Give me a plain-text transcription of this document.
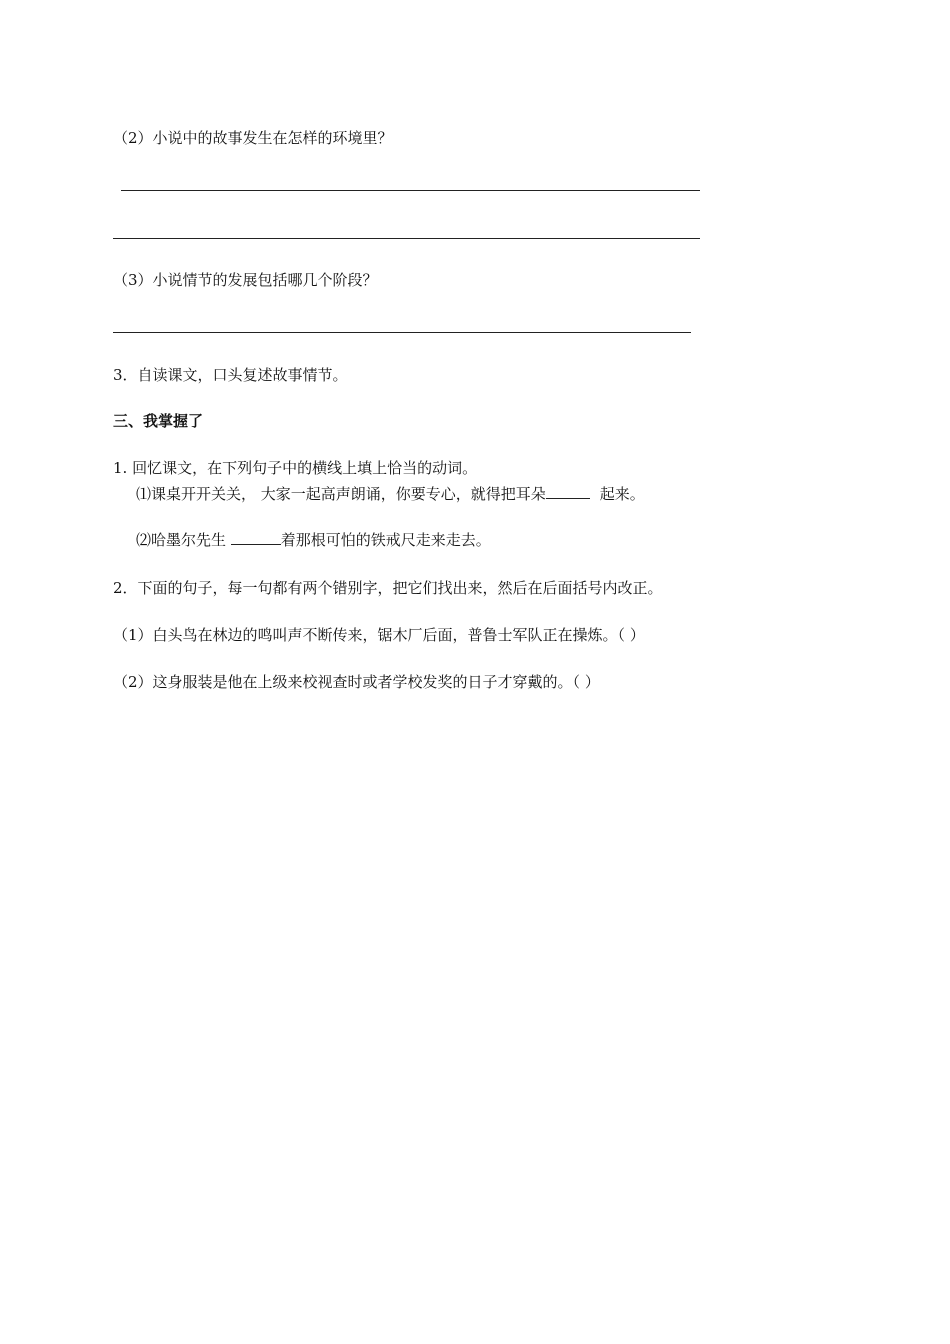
（2）小说中的故事发生在怎样的环境里？
（3）小说情节的发展包括哪几个阶段？
3．自读课文，口头复述故事情节。
三、我掌握了
1. 回忆课文，在下列句子中的横线上填上恰当的动词。
⑴课桌开开关关， 大家一起高声朗诵，你要专心，就得把耳朵	起来。
⑵哈墨尔先生	着那根可怕的铁戒尺走来走去。
2．下面的句子，每一句都有两个错别字，把它们找出来，然后在后面括号内改正。
（1）白头鸟在林边的鸣叫声不断传来，锯木厂后面，普鲁士军队正在操炼。（ ）
（2）这身服装是他在上级来校视查时或者学校发奖的日子才穿戴的。（ ）
